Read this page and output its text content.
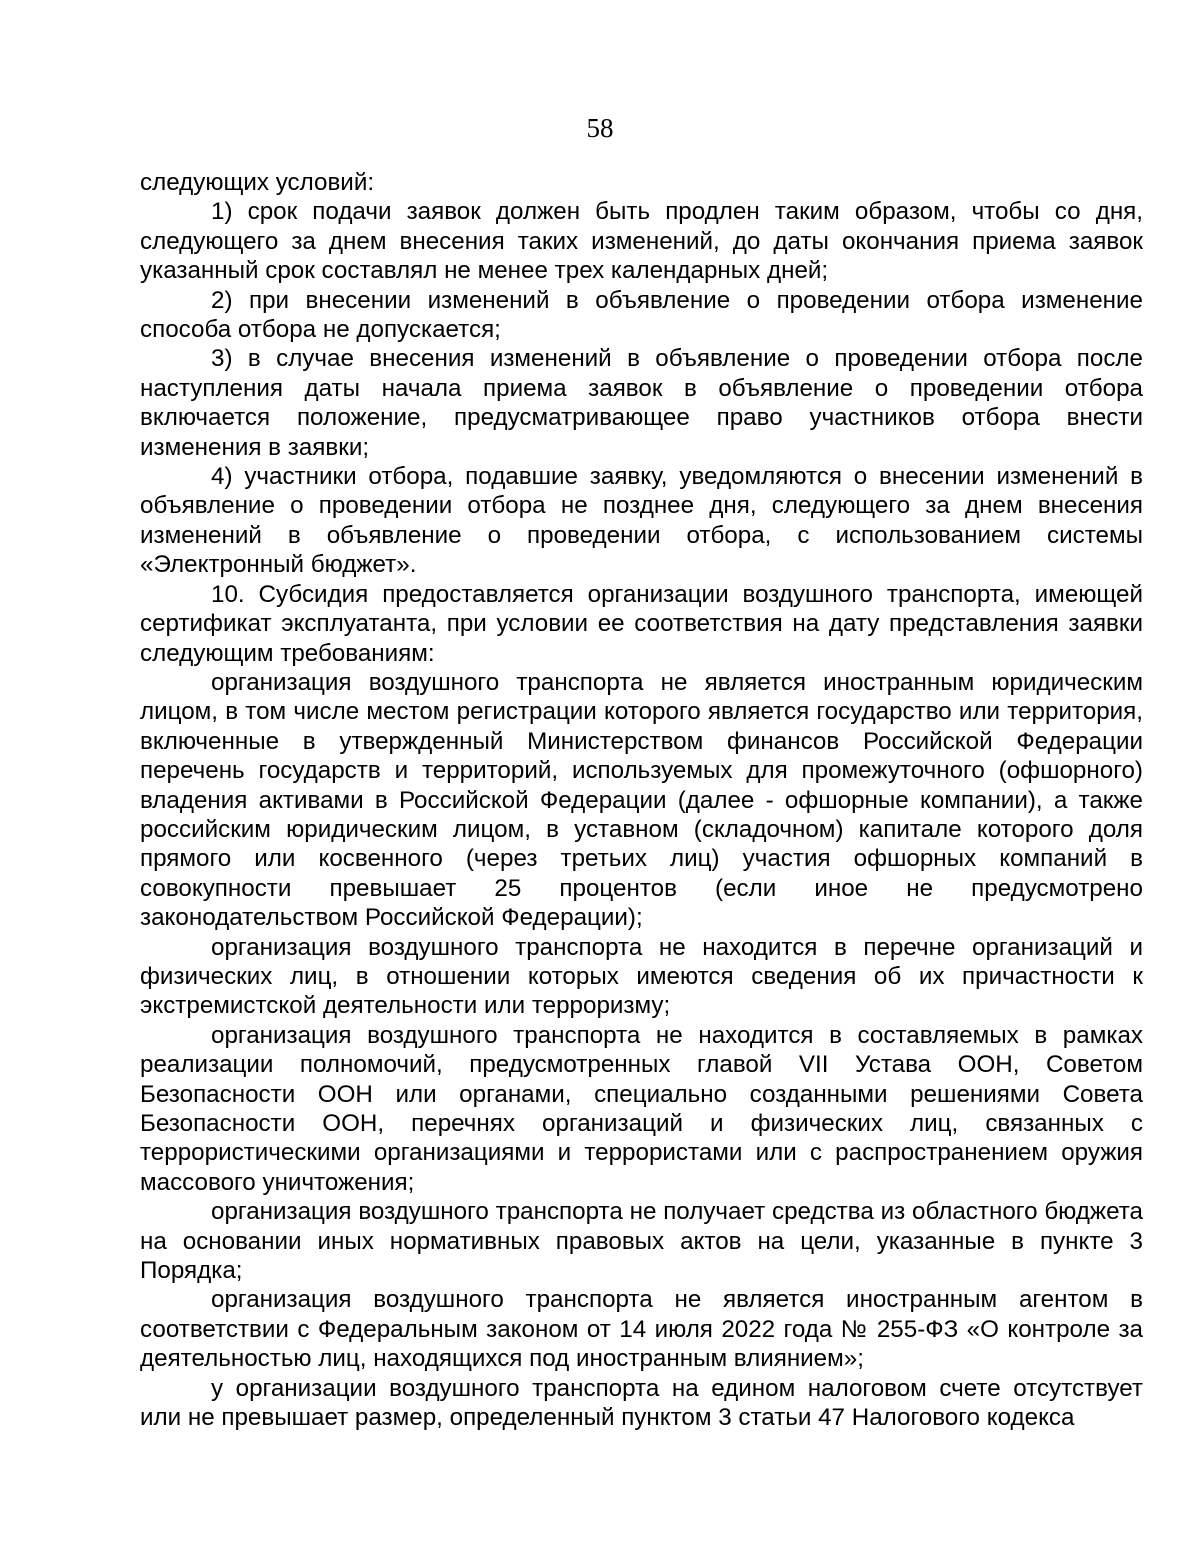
58

следующих условий:

1) срок подачи заявок должен быть продлен таким образом, чтобы со дня, следующего за днем внесения таких изменений, до даты окончания приема заявок указанный срок составлял не менее трех календарных дней;

2) при внесении изменений в объявление о проведении отбора изменение способа отбора не допускается;

3) в случае внесения изменений в объявление о проведении отбора после наступления даты начала приема заявок в объявление о проведении отбора включается положение, предусматривающее право участников отбора внести изменения в заявки;

4) участники отбора, подавшие заявку, уведомляются о внесении изменений в объявление о проведении отбора не позднее дня, следующего за днем внесения изменений в объявление о проведении отбора, с использованием системы «Электронный бюджет».

10. Субсидия предоставляется организации воздушного транспорта, имеющей сертификат эксплуатанта, при условии ее соответствия на дату представления заявки следующим требованиям:

организация воздушного транспорта не является иностранным юридическим лицом, в том числе местом регистрации которого является государство или территория, включенные в утвержденный Министерством финансов Российской Федерации перечень государств и территорий, используемых для промежуточного (офшорного) владения активами в Российской Федерации (далее - офшорные компании), а также российским юридическим лицом, в уставном (складочном) капитале которого доля прямого или косвенного (через третьих лиц) участия офшорных компаний в совокупности превышает 25 процентов (если иное не предусмотрено законодательством Российской Федерации);

организация воздушного транспорта не находится в перечне организаций и физических лиц, в отношении которых имеются сведения об их причастности к экстремистской деятельности или терроризму;

организация воздушного транспорта не находится в составляемых в рамках реализации полномочий, предусмотренных главой VII Устава ООН, Советом Безопасности ООН или органами, специально созданными решениями Совета Безопасности ООН, перечнях организаций и физических лиц, связанных с террористическими организациями и террористами или с распространением оружия массового уничтожения;

организация воздушного транспорта не получает средства из областного бюджета на основании иных нормативных правовых актов на цели, указанные в пункте 3 Порядка;

организация воздушного транспорта не является иностранным агентом в соответствии с Федеральным законом от 14 июля 2022 года № 255-ФЗ «О контроле за деятельностью лиц, находящихся под иностранным влиянием»;

у организации воздушного транспорта на едином налоговом счете отсутствует или не превышает размер, определенный пунктом 3 статьи 47 Налогового кодекса
